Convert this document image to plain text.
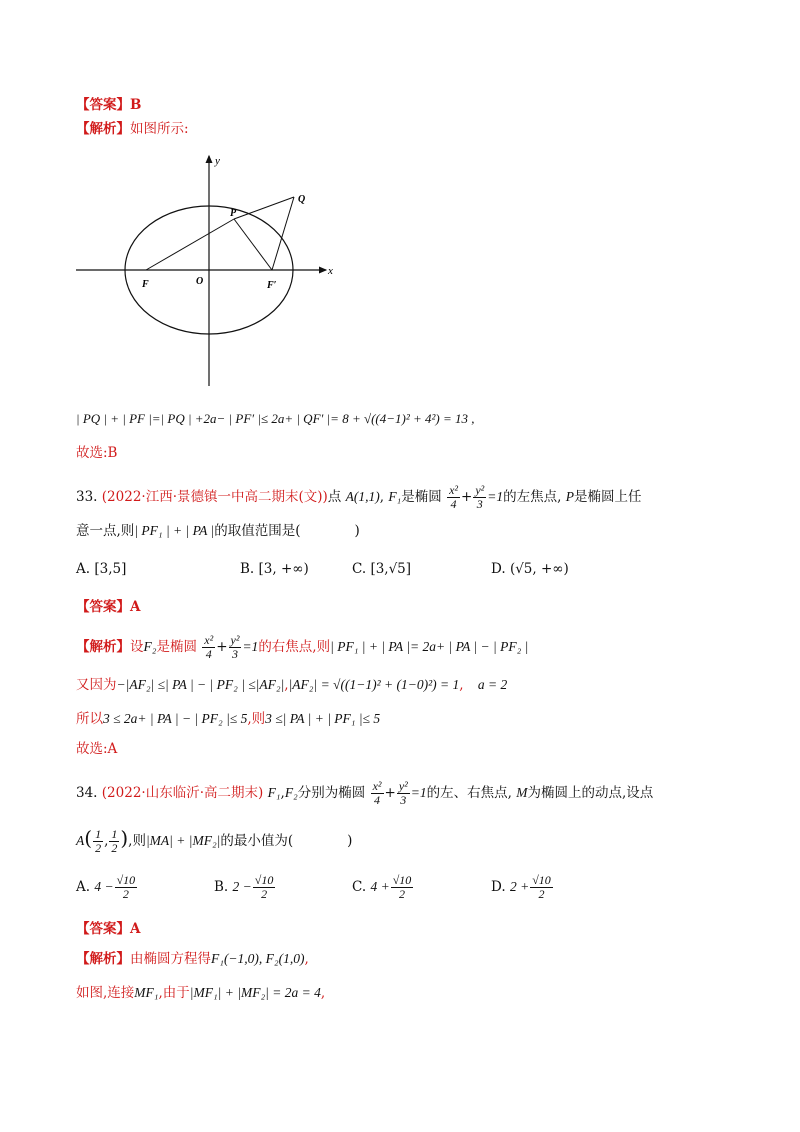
【答案】B
【解析】如图所示:
y
x
P
Q
F	O	F′
| PQ | + | PF |=| PQ | +2a− | PF′ |≤ 2a+ | QF′ |= 8 + √((4−1)² + 4²) = 13 ,
故选:B
33. (2022·江西·景德镇一中高二期末(文))点 A(1,1), F₁是椭圆 $\frac{\text{x²}}{4} + \frac{\text{y²}}{3} =1$的左焦点, P是椭圆上任
意一点,则| PF₁ | + | PA |的取值范围是(　　　　)
A. [3,5]	B. [3, +∞)	C. [3,√5]	D. (√5, +∞)
【答案】A
【解析】设F₂是椭圆 $\frac{\text{x²}}{4} + \frac{\text{y²}}{3} =1$的右焦点,则| PF₁ | + | PA |= 2a+ | PA | − | PF₂ |
又因为−|AF₂| ≤| PA | − | PF₂ | ≤|AF₂|,|AF₂| = √((1−1)² + (1−0)²) = 1, a = 2
所以3 ≤ 2a+ | PA | − | PF₂ |≤ 5,则3 ≤| PA | + | PF₁ |≤ 5
故选:A
34. (2022·山东临沂·高二期末) F₁,F₂分别为椭圆 $\frac{\text{x²}}{4} + \frac{\text{y²}}{3} =1$的左、右焦点, M为椭圆上的动点,设点
$A( \frac{1}{2}$ , $\frac{1}{2}$ ),则|MA| + |MF₂|的最小值为(　　　　)
A. $4 - \frac{√10}{2}$	B. $2 - \frac{√10}{2}$	C. $4 + \frac{√10}{2}$	D. $2 + \frac{√10}{2}$
【答案】A
【解析】由椭圆方程得F₁(−1,0), F₂(1,0),
如图,连接MF₁,由于|MF₁| + |MF₂| = 2a = 4,
